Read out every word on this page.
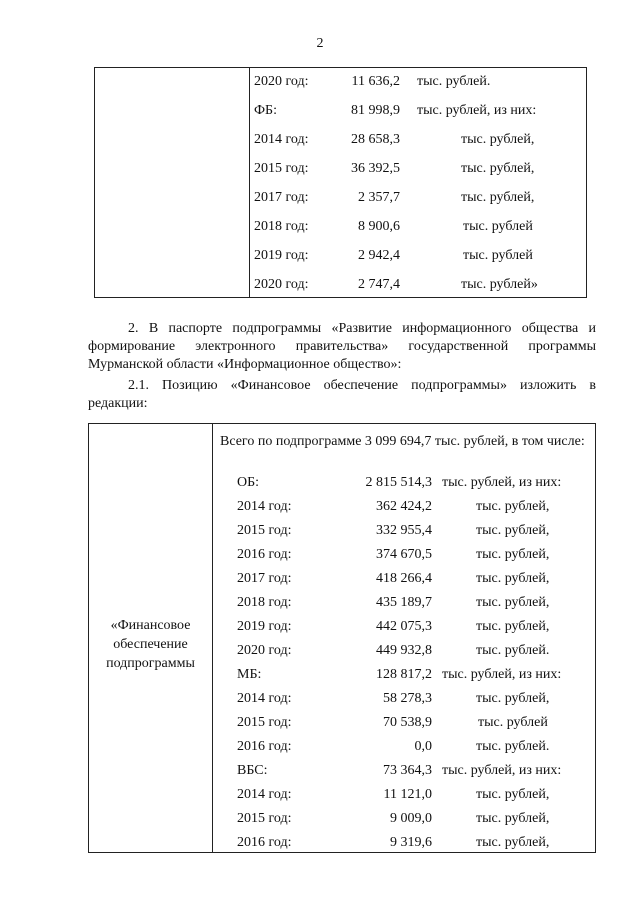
2
2020 год:	11 636,2 тыс. рублей.
ФБ:	81 998,9 тыс. рублей, из них:
2014 год:	28 658,3	тыс. рублей,
2015 год:	36 392,5	тыс. рублей,
2017 год:	2 357,7	тыс. рублей,
2018 год:	8 900,6	тыс. рублей
2019 год:	2 942,4	тыс. рублей
2020 год:	2 747,4	тыс. рублей»
2. В паспорте подпрограммы «Развитие информационного общества и формирование электронного правительства» государственной программы Мурманской области «Информационное общество»:
2.1. Позицию «Финансовое обеспечение подпрограммы» изложить в редакции:
«Финансовое обеспечение подпрограммы
Всего по подпрограмме 3 099 694,7 тыс. рублей, в том числе:
ОБ:	2 815 514,3 тыс. рублей, из них:
2014 год:	362 424,2	тыс. рублей,
2015 год:	332 955,4	тыс. рублей,
2016 год:	374 670,5	тыс. рублей,
2017 год:	418 266,4	тыс. рублей,
2018 год:	435 189,7	тыс. рублей,
2019 год:	442 075,3	тыс. рублей,
2020 год:	449 932,8	тыс. рублей.
МБ:	128 817,2 тыс. рублей, из них:
2014 год:	58 278,3	тыс. рублей,
2015 год:	70 538,9	тыс. рублей
2016 год:	0,0	тыс. рублей.
ВБС:	73 364,3 тыс. рублей, из них:
2014 год:	11 121,0	тыс. рублей,
2015 год:	9 009,0	тыс. рублей,
2016 год:	9 319,6	тыс. рублей,
